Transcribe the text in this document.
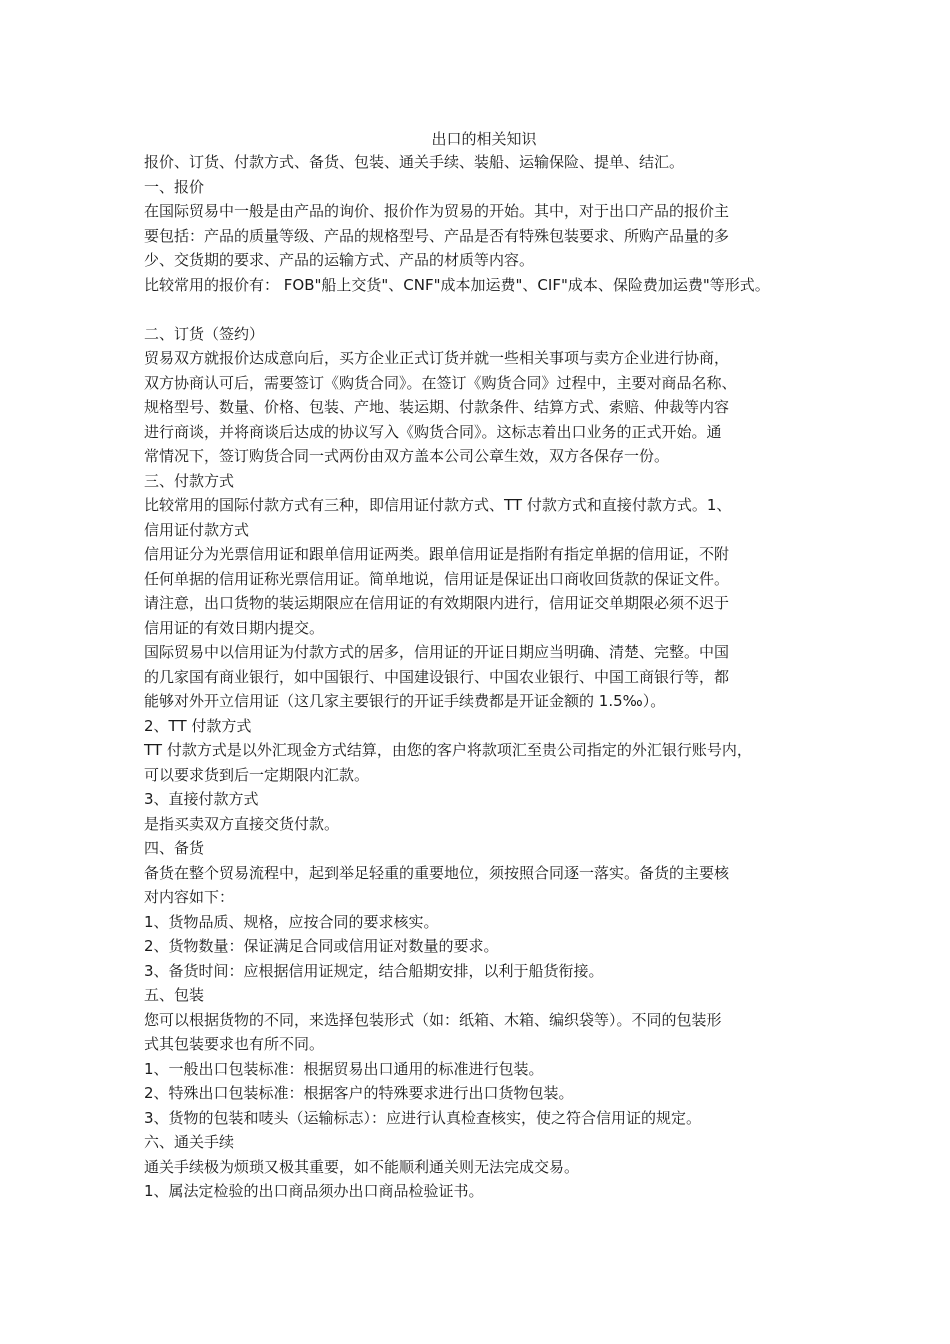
出口的相关知识

报价、订货、付款方式、备货、包装、通关手续、装船、运输保险、提单、结汇。

一、报价

在国际贸易中一般是由产品的询价、报价作为贸易的开始。其中，对于出口产品的报价主

要包括：产品的质量等级、产品的规格型号、产品是否有特殊包装要求、所购产品量的多

少、交货期的要求、产品的运输方式、产品的材质等内容。

比较常用的报价有： FOB"船上交货"、CNF"成本加运费"、CIF"成本、保险费加运费"等形式。

二、订货（签约）

贸易双方就报价达成意向后，买方企业正式订货并就一些相关事项与卖方企业进行协商，

双方协商认可后，需要签订《购货合同》。在签订《购货合同》过程中，主要对商品名称、

规格型号、数量、价格、包装、产地、装运期、付款条件、结算方式、索赔、仲裁等内容

进行商谈，并将商谈后达成的协议写入《购货合同》。这标志着出口业务的正式开始。通

常情况下，签订购货合同一式两份由双方盖本公司公章生效，双方各保存一份。

三、付款方式

比较常用的国际付款方式有三种，即信用证付款方式、TT 付款方式和直接付款方式。1、

信用证付款方式

信用证分为光票信用证和跟单信用证两类。跟单信用证是指附有指定单据的信用证，不附

任何单据的信用证称光票信用证。简单地说，信用证是保证出口商收回货款的保证文件。

请注意，出口货物的装运期限应在信用证的有效期限内进行，信用证交单期限必须不迟于

信用证的有效日期内提交。

国际贸易中以信用证为付款方式的居多，信用证的开证日期应当明确、清楚、完整。中国

的几家国有商业银行，如中国银行、中国建设银行、中国农业银行、中国工商银行等，都

能够对外开立信用证（这几家主要银行的开证手续费都是开证金额的 1.5‰）。

2、TT 付款方式

TT 付款方式是以外汇现金方式结算，由您的客户将款项汇至贵公司指定的外汇银行账号内，

可以要求货到后一定期限内汇款。

3、直接付款方式

是指买卖双方直接交货付款。

四、备货

备货在整个贸易流程中，起到举足轻重的重要地位，须按照合同逐一落实。备货的主要核

对内容如下：

1、货物品质、规格，应按合同的要求核实。

2、货物数量：保证满足合同或信用证对数量的要求。

3、备货时间：应根据信用证规定，结合船期安排，以利于船货衔接。

五、包装

您可以根据货物的不同，来选择包装形式（如：纸箱、木箱、编织袋等）。不同的包装形

式其包装要求也有所不同。

1、一般出口包装标准：根据贸易出口通用的标准进行包装。

2、特殊出口包装标准：根据客户的特殊要求进行出口货物包装。

3、货物的包装和唛头（运输标志）：应进行认真检查核实，使之符合信用证的规定。

六、通关手续

通关手续极为烦琐又极其重要，如不能顺利通关则无法完成交易。

1、属法定检验的出口商品须办出口商品检验证书。
